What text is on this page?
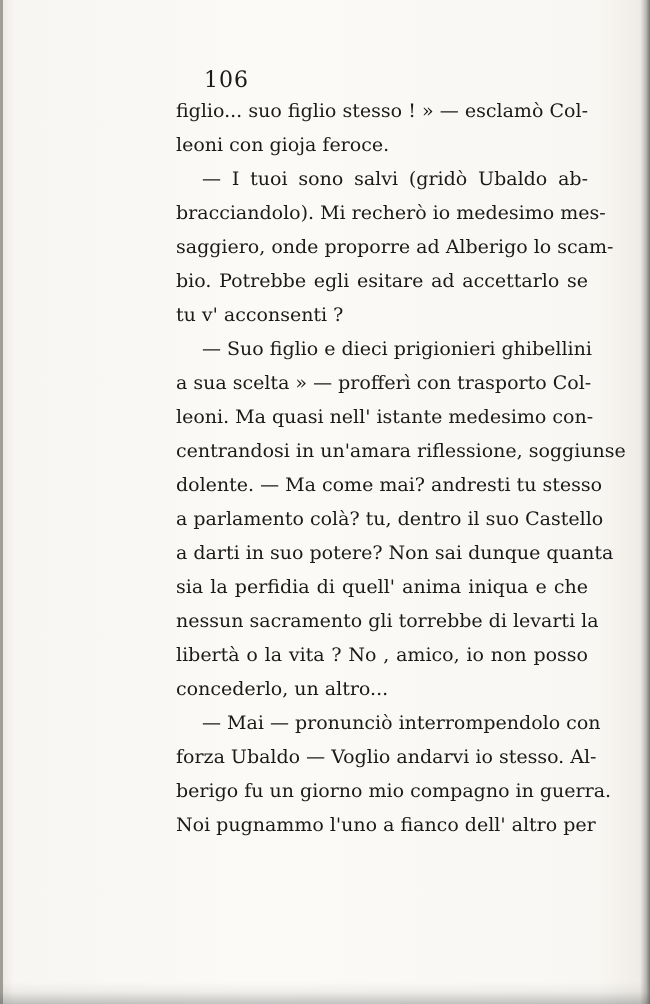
106
figlio... suo figlio stesso ! » — esclamò Col-
leoni con gioja feroce.
— I tuoi sono salvi (gridò Ubaldo ab-
bracciandolo). Mi recherò io medesimo mes-
saggiero, onde proporre ad Alberigo lo scam-
bio. Potrebbe egli esitare ad accettarlo se
tu v' acconsenti ?
— Suo figlio e dieci prigionieri ghibellini
a sua scelta » — profferì con trasporto Col-
leoni. Ma quasi nell' istante medesimo con-
centrandosi in un'amara riflessione, soggiunse
dolente. — Ma come mai? andresti tu stesso
a parlamento colà? tu, dentro il suo Castello
a darti in suo potere? Non sai dunque quanta
sia la perfidia di quell' anima iniqua e che
nessun sacramento gli torrebbe di levarti la
libertà o la vita ? No , amico, io non posso
concederlo, un altro...
— Mai — pronunciò interrompendolo con
forza Ubaldo — Voglio andarvi io stesso. Al-
berigo fu un giorno mio compagno in guerra.
Noi pugnammo l'uno a fianco dell' altro per
